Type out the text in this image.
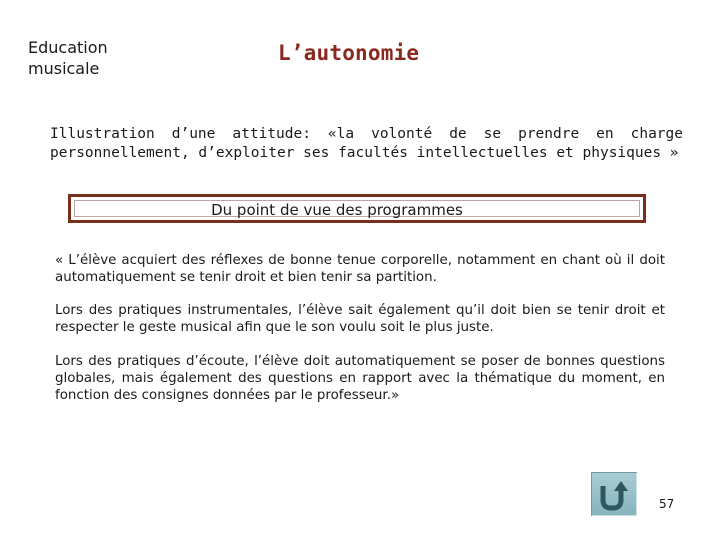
Education
musicale
L’autonomie

Illustration d’une attitude: «la volonté de se prendre en charge personnellement, d’exploiter ses facultés intellectuelles et physiques »

Du point de vue des programmes

« L’élève acquiert des réflexes de bonne tenue corporelle, notamment en chant où il doit automatiquement se tenir droit et bien tenir sa partition.

Lors des pratiques instrumentales, l’élève sait également qu’il doit bien se tenir droit et respecter le geste musical afin que le son voulu soit le plus juste.

Lors des pratiques d’écoute, l’élève doit automatiquement se poser de bonnes questions globales, mais également des questions en rapport avec la thématique du moment, en fonction des consignes données par le professeur.»

57
